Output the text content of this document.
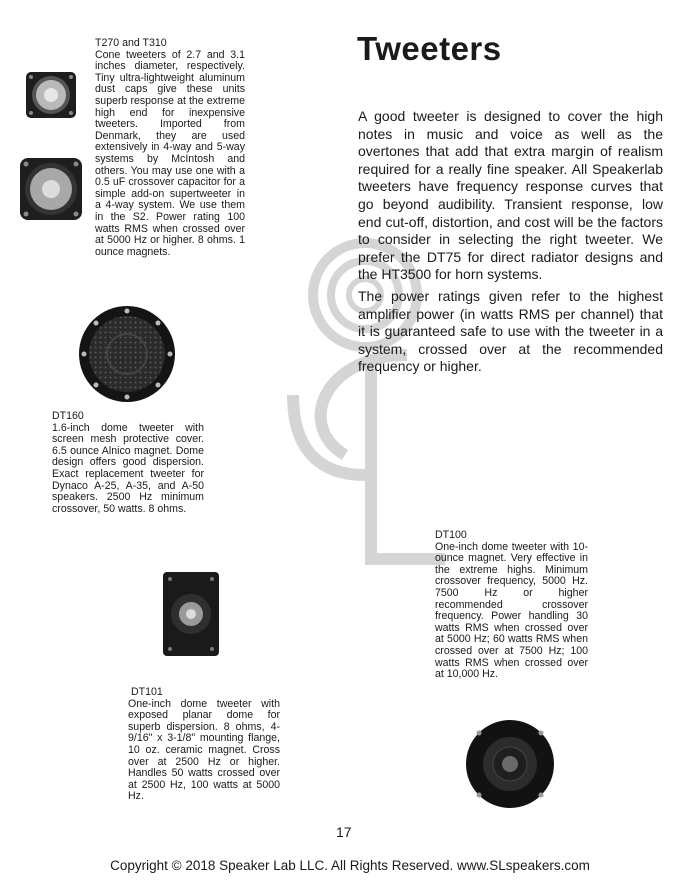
T270 and T310

Cone tweeters of 2.7 and 3.1 inches diameter, respectively. Tiny ultra-lightweight aluminum dust caps give these units superb response at the extreme high end for inexpensive tweeters. Imported from Denmark, they are used extensively in 4-way and 5-way systems by McIntosh and others. You may use one with a 0.5 uF crossover capacitor for a simple add-on supertweeter in a 4-way system. We use them in the S2. Power rating 100 watts RMS when crossed over at 5000 Hz or higher. 8 ohms. 1 ounce magnets.

DT160

1.6-inch dome tweeter with screen mesh protective cover. 6.5 ounce Alnico magnet. Dome design offers good dispersion. Exact replacement tweeter for Dynaco A-25, A-35, and A-50 speakers. 2500 Hz minimum crossover, 50 watts. 8 ohms.

DT101

One-inch dome tweeter with exposed planar dome for superb dispersion. 8 ohms, 4-9/16" x 3-1/8" mounting flange, 10 oz. ceramic magnet. Cross over at 2500 Hz or higher. Handles 50 watts crossed over at 2500 Hz, 100 watts at 5000 Hz.

DT100

One-inch dome tweeter with 10-ounce magnet. Very effective in the extreme highs. Minimum crossover frequency, 5000 Hz. 7500 Hz or higher recommended crossover frequency. Power handling 30 watts RMS when crossed over at 5000 Hz; 60 watts RMS when crossed over at 7500 Hz; 100 watts RMS when crossed over at 10,000 Hz.

Tweeters

A good tweeter is designed to cover the high notes in music and voice as well as the overtones that add that extra margin of realism required for a really fine speaker. All Speakerlab tweeters have frequency response curves that go beyond audibility. Transient response, low end cut-off, distortion, and cost will be the factors to consider in selecting the right tweeter. We prefer the DT75 for direct radiator designs and the HT3500 for horn systems.

The power ratings given refer to the highest amplifier power (in watts RMS per channel) that it is guaranteed safe to use with the tweeter in a system, crossed over at the recommended frequency or higher.

17
Copyright © 2018 Speaker Lab LLC. All Rights Reserved. www.SLspeakers.com
